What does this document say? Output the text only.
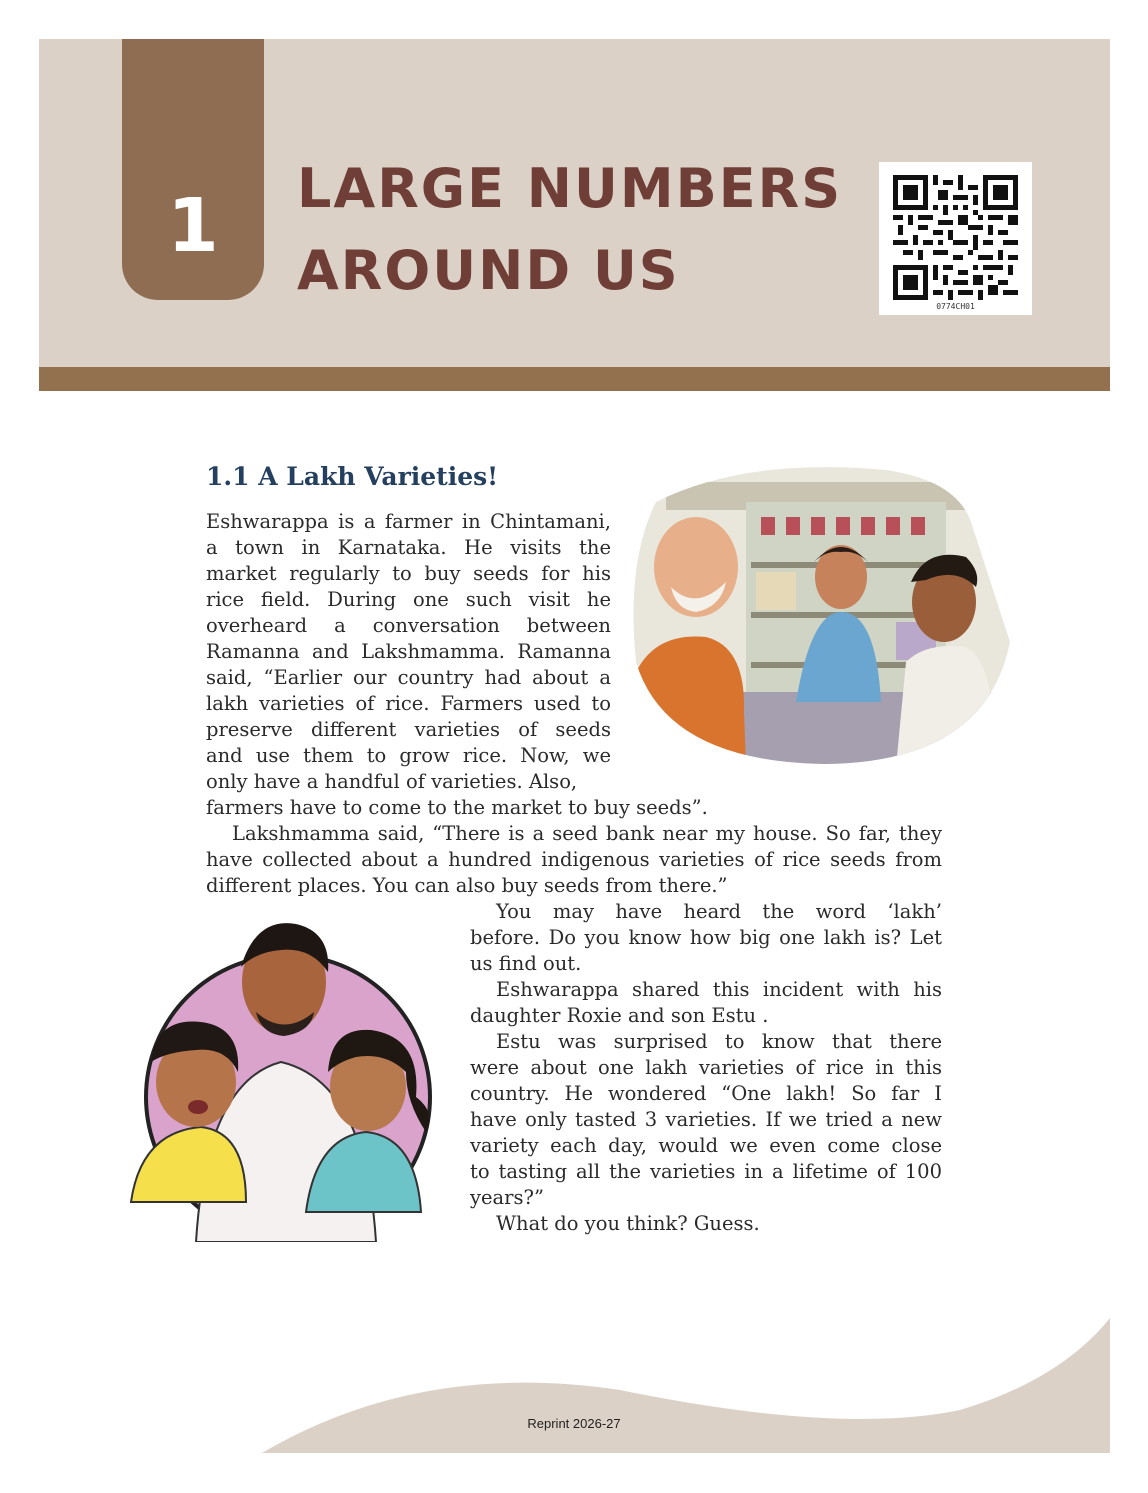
1	LARGE NUMBERS
AROUND US
0774CH01
1.1 A Lakh Varieties!
Eshwarappa is a farmer in Chintamani,
a town in Karnataka. He visits the
market regularly to buy seeds for his
rice field. During one such visit he
overheard a conversation between
Ramanna and Lakshmamma. Ramanna
said, “Earlier our country had about a
lakh varieties of rice. Farmers used to
preserve different varieties of seeds
and use them to grow rice. Now, we
only have a handful of varieties. Also,
farmers have to come to the market to buy seeds”.
Lakshmamma said, “There is a seed bank near my house. So far, they
have collected about a hundred indigenous varieties of rice seeds from
different places. You can also buy seeds from there.”
You may have heard the word ‘lakh’
before. Do you know how big one lakh is? Let
us find out.
Eshwarappa shared this incident with his
daughter Roxie and son Estu .
Estu was surprised to know that there
were about one lakh varieties of rice in this
country. He wondered “One lakh! So far I
have only tasted 3 varieties. If we tried a new
variety each day, would we even come close
to tasting all the varieties in a lifetime of 100
years?”
What do you think? Guess.
Reprint 2026-27
